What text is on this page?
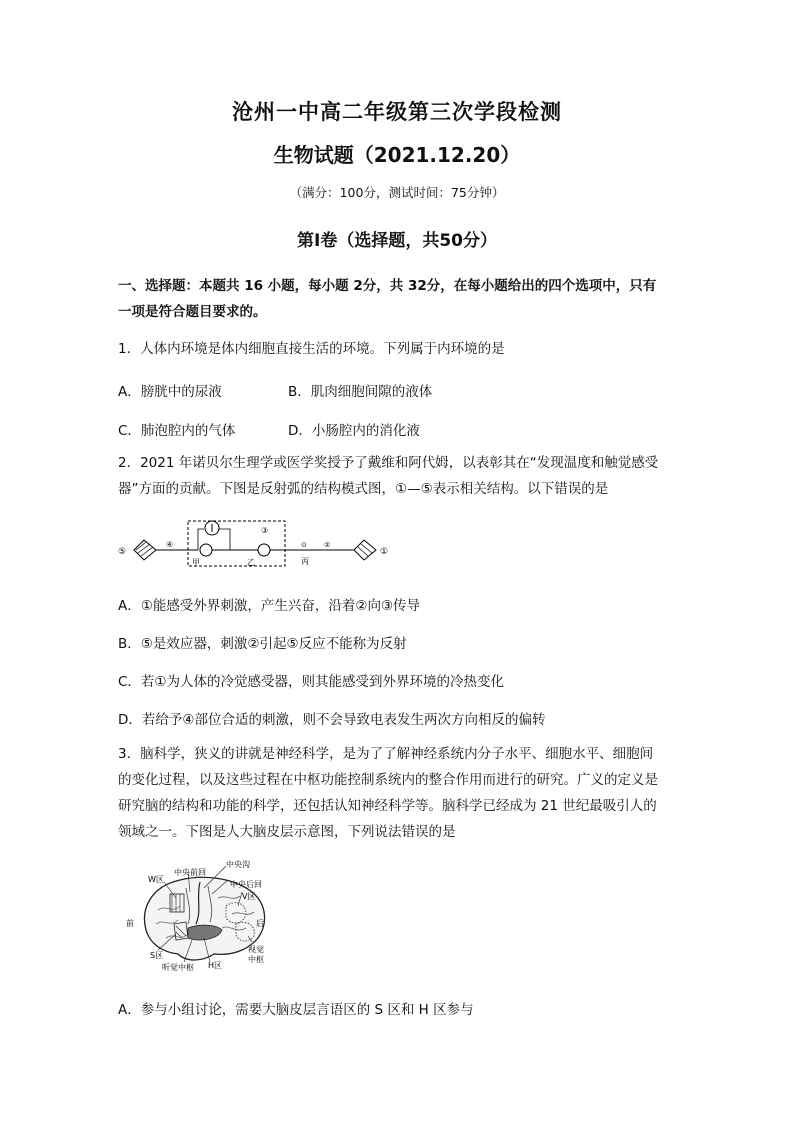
沧州一中高二年级第三次学段检测
生物试题（2021.12.20）
（满分：100分，测试时间：75分钟）
第Ⅰ卷（选择题，共50分）
一、选择题：本题共 16 小题，每小题 2分，共 32分，在每小题给出的四个选项中，只有
一项是符合题目要求的。
1．人体内环境是体内细胞直接生活的环境。下列属于内环境的是
A．膀胱中的尿液	B．肌肉细胞间隙的液体
C．肺泡腔内的气体	D．小肠腔内的消化液
2．2021 年诺贝尔生理学或医学奖授予了戴维和阿代姆，以表彰其在“发现温度和触觉感受
器”方面的贡献。下图是反射弧的结构模式图，①—⑤表示相关结构。以下错误的是
⑤
④
甲
③
乙
⊙
丙
②
①
A．①能感受外界刺激，产生兴奋，沿着②向③传导
B．⑤是效应器，刺激②引起⑤反应不能称为反射
C．若①为人体的冷觉感受器，则其能感受到外界环境的冷热变化
D．若给予④部位合适的刺激，则不会导致电表发生两次方向相反的偏转
3．脑科学，狭义的讲就是神经科学，是为了了解神经系统内分子水平、细胞水平、细胞间
的变化过程，以及这些过程在中枢功能控制系统内的整合作用而进行的研究。广义的定义是
研究脑的结构和功能的科学，还包括认知神经科学等。脑科学已经成为 21 世纪最吸引人的
领域之一。下图是人大脑皮层示意图，下列说法错误的是
W区
中央前回
中央沟
中央后回
V区
前	后
S区
听觉中枢 H区
视觉
中枢
A．参与小组讨论，需要大脑皮层言语区的 S 区和 H 区参与
